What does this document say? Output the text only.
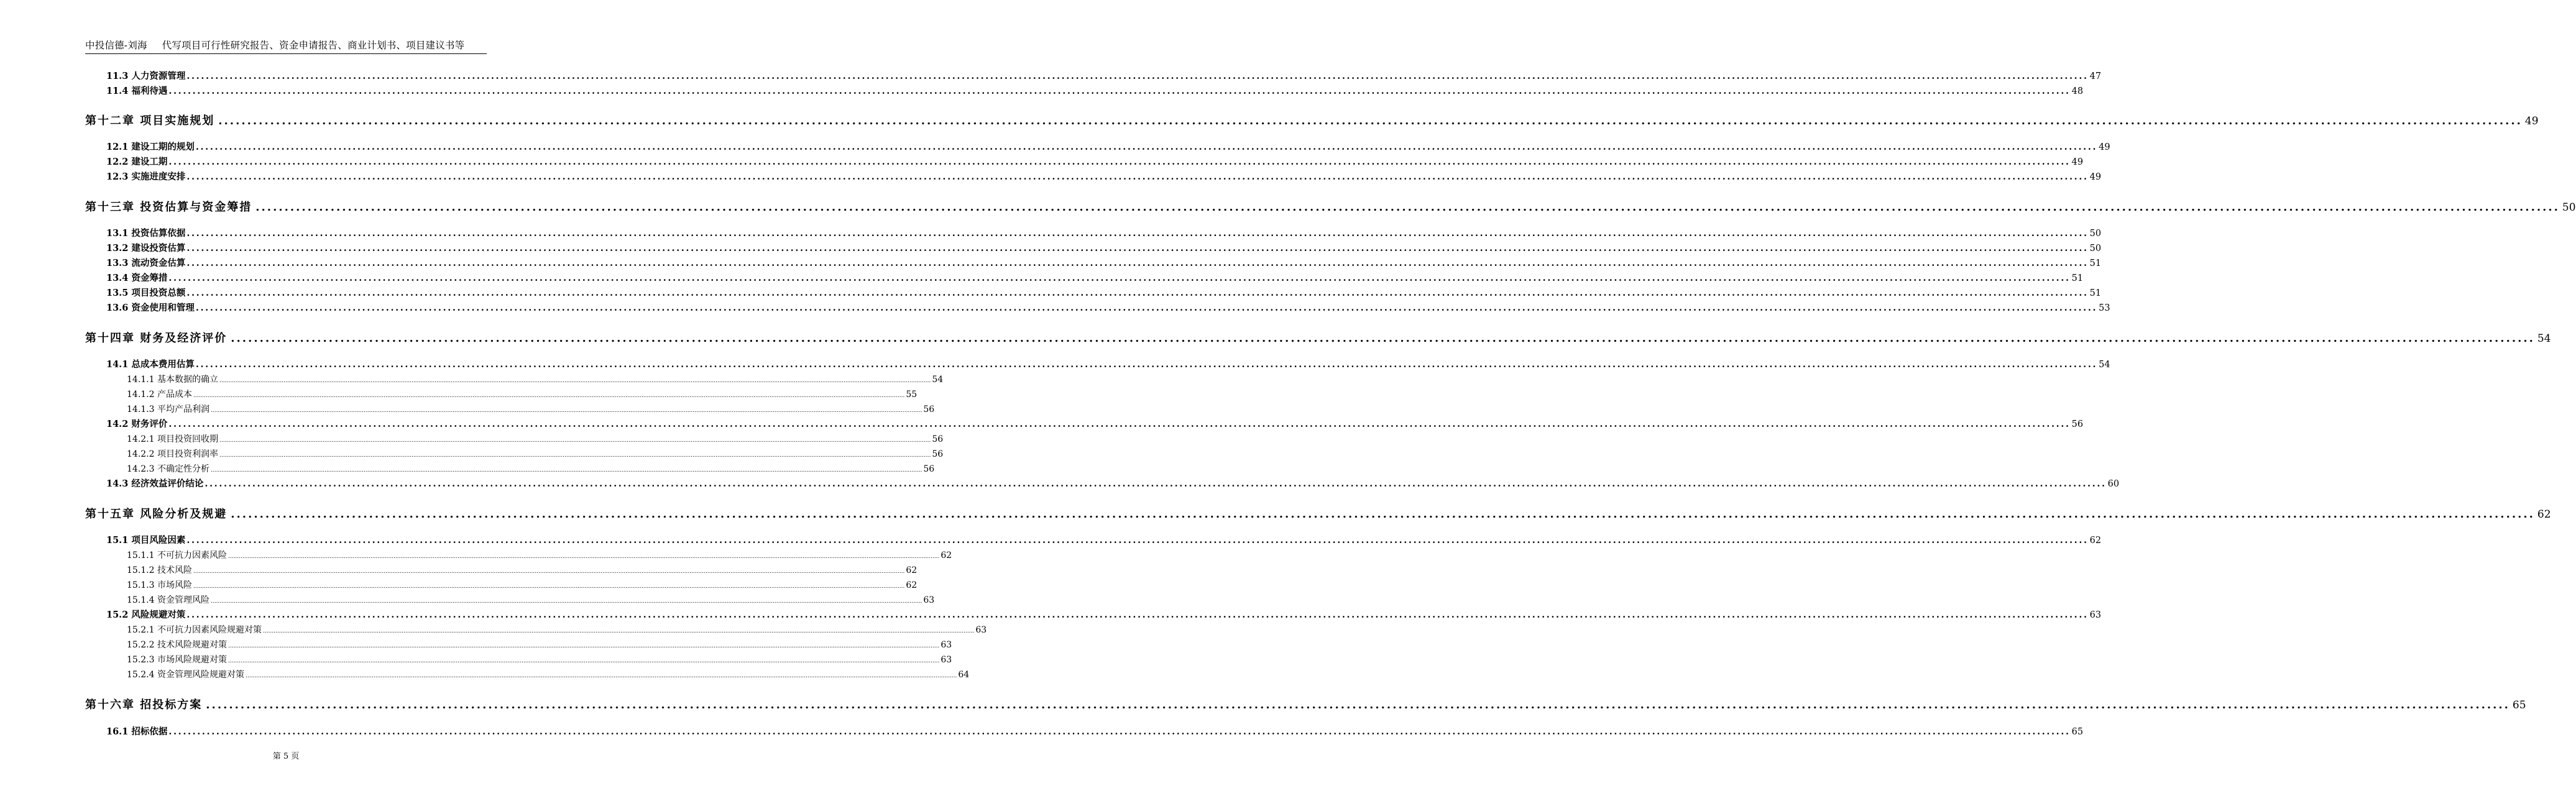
中投信德-刘海 代写项目可行性研究报告、资金申请报告、商业计划书、项目建议书等
11.3 人力资源管理 ................................................................................................................................................................................................................................................................................................................................................................................................................ 47
11.4 福利待遇 ................................................................................................................................................................................................................................................................................................................................................................................................................ 48
第十二章 项目实施规划 ................................................................................................................................................................................................................................................................................................................................................................................................................ 49
12.1 建设工期的规划 ................................................................................................................................................................................................................................................................................................................................................................................................................ 49
12.2 建设工期 ................................................................................................................................................................................................................................................................................................................................................................................................................ 49
12.3 实施进度安排 ................................................................................................................................................................................................................................................................................................................................................................................................................ 49
第十三章 投资估算与资金筹措 ................................................................................................................................................................................................................................................................................................................................................................................................................ 50
13.1 投资估算依据 ................................................................................................................................................................................................................................................................................................................................................................................................................ 50
13.2 建设投资估算 ................................................................................................................................................................................................................................................................................................................................................................................................................ 50
13.3 流动资金估算 ................................................................................................................................................................................................................................................................................................................................................................................................................ 51
13.4 资金筹措 ................................................................................................................................................................................................................................................................................................................................................................................................................ 51
13.5 项目投资总额 ................................................................................................................................................................................................................................................................................................................................................................................................................ 51
13.6 资金使用和管理 ................................................................................................................................................................................................................................................................................................................................................................................................................ 53
第十四章 财务及经济评价 ................................................................................................................................................................................................................................................................................................................................................................................................................ 54
14.1 总成本费用估算 ................................................................................................................................................................................................................................................................................................................................................................................................................ 54
14.1.1 基本数据的确立 ................................................................................................................................................................................................................................................................................................................................................................................................................ 54
14.1.2 产品成本 ................................................................................................................................................................................................................................................................................................................................................................................................................ 55
14.1.3 平均产品利润 ................................................................................................................................................................................................................................................................................................................................................................................................................ 56
14.2 财务评价 ................................................................................................................................................................................................................................................................................................................................................................................................................ 56
14.2.1 项目投资回收期 ................................................................................................................................................................................................................................................................................................................................................................................................................ 56
14.2.2 项目投资利润率 ................................................................................................................................................................................................................................................................................................................................................................................................................ 56
14.2.3 不确定性分析 ................................................................................................................................................................................................................................................................................................................................................................................................................ 56
14.3 经济效益评价结论 ................................................................................................................................................................................................................................................................................................................................................................................................................ 60
第十五章 风险分析及规避 ................................................................................................................................................................................................................................................................................................................................................................................................................ 62
15.1 项目风险因素 ................................................................................................................................................................................................................................................................................................................................................................................................................ 62
15.1.1 不可抗力因素风险 ................................................................................................................................................................................................................................................................................................................................................................................................................ 62
15.1.2 技术风险 ................................................................................................................................................................................................................................................................................................................................................................................................................ 62
15.1.3 市场风险 ................................................................................................................................................................................................................................................................................................................................................................................................................ 62
15.1.4 资金管理风险 ................................................................................................................................................................................................................................................................................................................................................................................................................ 63
15.2 风险规避对策 ................................................................................................................................................................................................................................................................................................................................................................................................................ 63
15.2.1 不可抗力因素风险规避对策 ................................................................................................................................................................................................................................................................................................................................................................................................................ 63
15.2.2 技术风险规避对策 ................................................................................................................................................................................................................................................................................................................................................................................................................ 63
15.2.3 市场风险规避对策 ................................................................................................................................................................................................................................................................................................................................................................................................................ 63
15.2.4 资金管理风险规避对策 ................................................................................................................................................................................................................................................................................................................................................................................................................ 64
第十六章 招投标方案 ................................................................................................................................................................................................................................................................................................................................................................................................................ 65
16.1 招标依据 ................................................................................................................................................................................................................................................................................................................................................................................................................ 65
第 5 页
